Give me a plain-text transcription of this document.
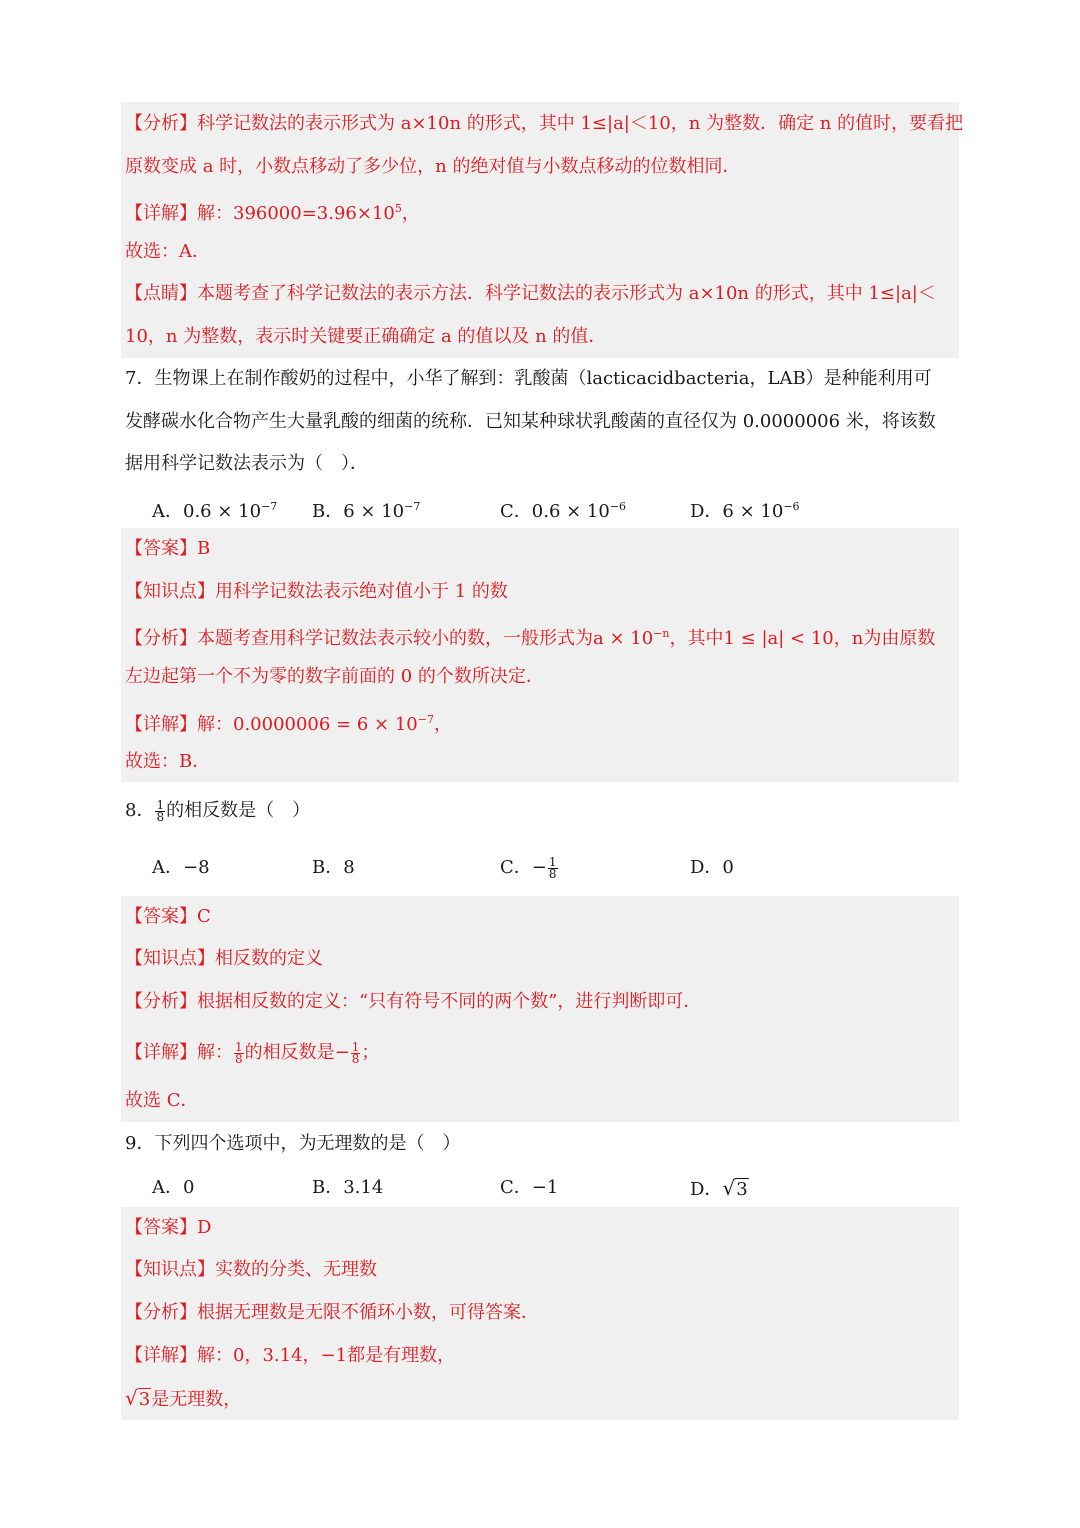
【分析】科学记数法的表示形式为 a×10n 的形式，其中 1≤|a|＜10，n 为整数．确定 n 的值时，要看把
原数变成 a 时，小数点移动了多少位，n 的绝对值与小数点移动的位数相同．
【详解】解：$396000=3.96\times 10^5$，
故选：A．
【点睛】本题考查了科学记数法的表示方法．科学记数法的表示形式为 a×10n 的形式，其中 1≤|a|＜
10，n 为整数，表示时关键要正确确定 a 的值以及 n 的值．
7．生物课上在制作酸奶的过程中，小华了解到：乳酸菌（lacticacidbacteria，LAB）是种能利用可
发酵碳水化合物产生大量乳酸的细菌的统称．已知某种球状乳酸菌的直径仅为 0.0000006 米，将该数
据用科学记数法表示为（　）．
A．$0.6 \times 10^{-7}$ B．$6 \times 10^{-7}$	C．$0.6 \times 10^{-6}$	D．$6 \times 10^{-6}$
【答案】B
【知识点】用科学记数法表示绝对值小于 1 的数
【分析】本题考查用科学记数法表示较小的数，一般形式为$a \times 10^{-n}$，其中1 ≤ |a| < 10，n为由原数
左边起第一个不为零的数字前面的 0 的个数所决定．
【详解】解：$0.0000006 = 6 \times 10^{-7}$，
故选：B．
8． $\frac{1}{8}$ 的相反数是（　）
A．−8	B．8	C．− $\frac{1}{8}$	D．0
【答案】C
【知识点】相反数的定义
【分析】根据相反数的定义：“只有符号不同的两个数”，进行判断即可．
【详解】解： $\frac{1}{8}$ 的相反数是− $\frac{1}{8}$ ；
故选 C．
9．下列四个选项中，为无理数的是（　）
A．0	B．3.14	C．−1	D．√3
【答案】D
【知识点】实数的分类、无理数
【分析】根据无理数是无限不循环小数，可得答案．
【详解】解：0，3.14，−1都是有理数，
√3是无理数，
